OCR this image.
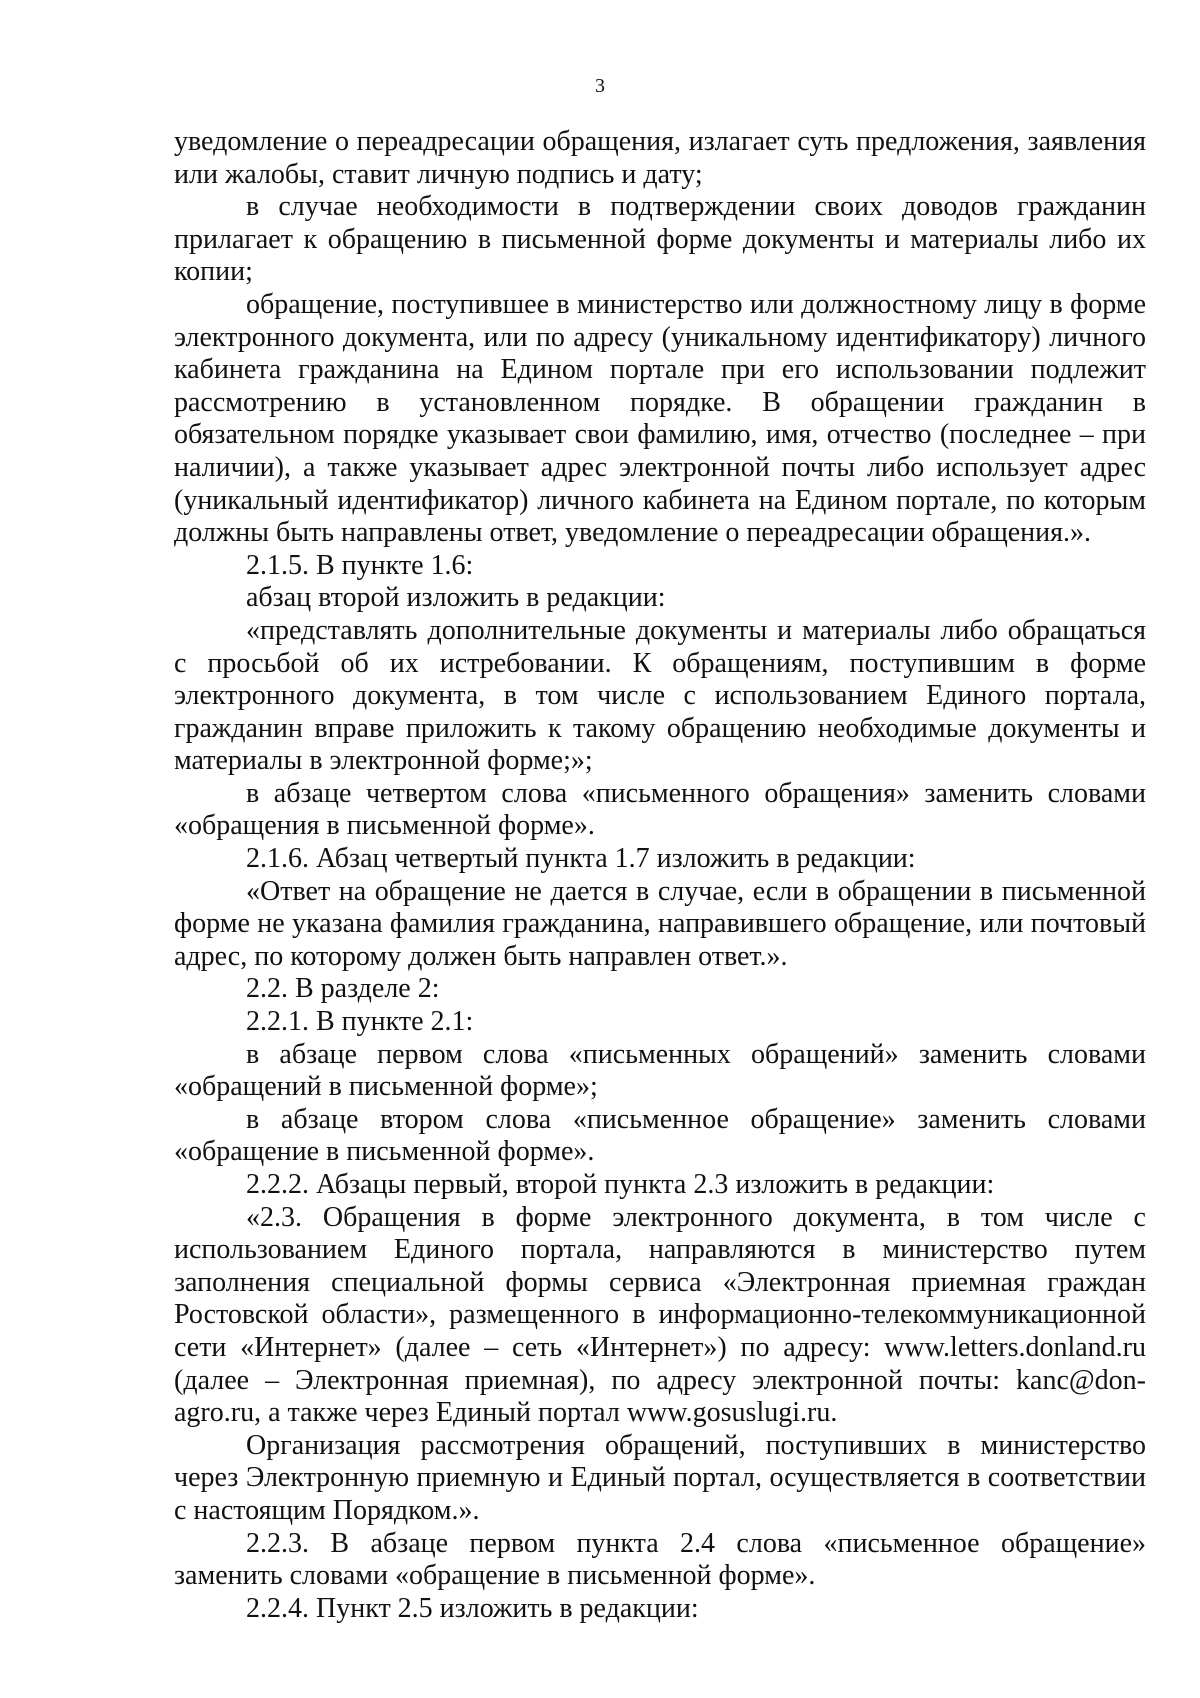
3

уведомление о переадресации обращения, излагает суть предложения, заявления или жалобы, ставит личную подпись и дату;

в случае необходимости в подтверждении своих доводов гражданин прилагает к обращению в письменной форме документы и материалы либо их копии;

обращение, поступившее в министерство или должностному лицу в форме электронного документа, или по адресу (уникальному идентификатору) личного кабинета гражданина на Едином портале при его использовании подлежит рассмотрению в установленном порядке. В обращении гражданин в обязательном порядке указывает свои фамилию, имя, отчество (последнее – при наличии), а также указывает адрес электронной почты либо использует адрес (уникальный идентификатор) личного кабинета на Едином портале, по которым должны быть направлены ответ, уведомление о переадресации обращения.».

2.1.5. В пункте 1.6:

абзац второй изложить в редакции:

«представлять дополнительные документы и материалы либо обращаться с просьбой об их истребовании. К обращениям, поступившим в форме электронного документа, в том числе с использованием Единого портала, гражданин вправе приложить к такому обращению необходимые документы и материалы в электронной форме;»;

в абзаце четвертом слова «письменного обращения» заменить словами «обращения в письменной форме».

2.1.6. Абзац четвертый пункта 1.7 изложить в редакции:

«Ответ на обращение не дается в случае, если в обращении в письменной форме не указана фамилия гражданина, направившего обращение, или почтовый адрес, по которому должен быть направлен ответ.».

2.2. В разделе 2:

2.2.1. В пункте 2.1:

в абзаце первом слова «письменных обращений» заменить словами «обращений в письменной форме»;

в абзаце втором слова «письменное обращение» заменить словами «обращение в письменной форме».

2.2.2. Абзацы первый, второй пункта 2.3 изложить в редакции:

«2.3. Обращения в форме электронного документа, в том числе с использованием Единого портала, направляются в министерство путем заполнения специальной формы сервиса «Электронная приемная граждан Ростовской области», размещенного в информационно-телекоммуникационной сети «Интернет» (далее – сеть «Интернет») по адресу: www.letters.donland.ru (далее – Электронная приемная), по адресу электронной почты: kanc@don-agro.ru, а также через Единый портал www.gosuslugi.ru.

Организация рассмотрения обращений, поступивших в министерство через Электронную приемную и Единый портал, осуществляется в соответствии с настоящим Порядком.».

2.2.3. В абзаце первом пункта 2.4 слова «письменное обращение» заменить словами «обращение в письменной форме».

2.2.4. Пункт 2.5 изложить в редакции:
